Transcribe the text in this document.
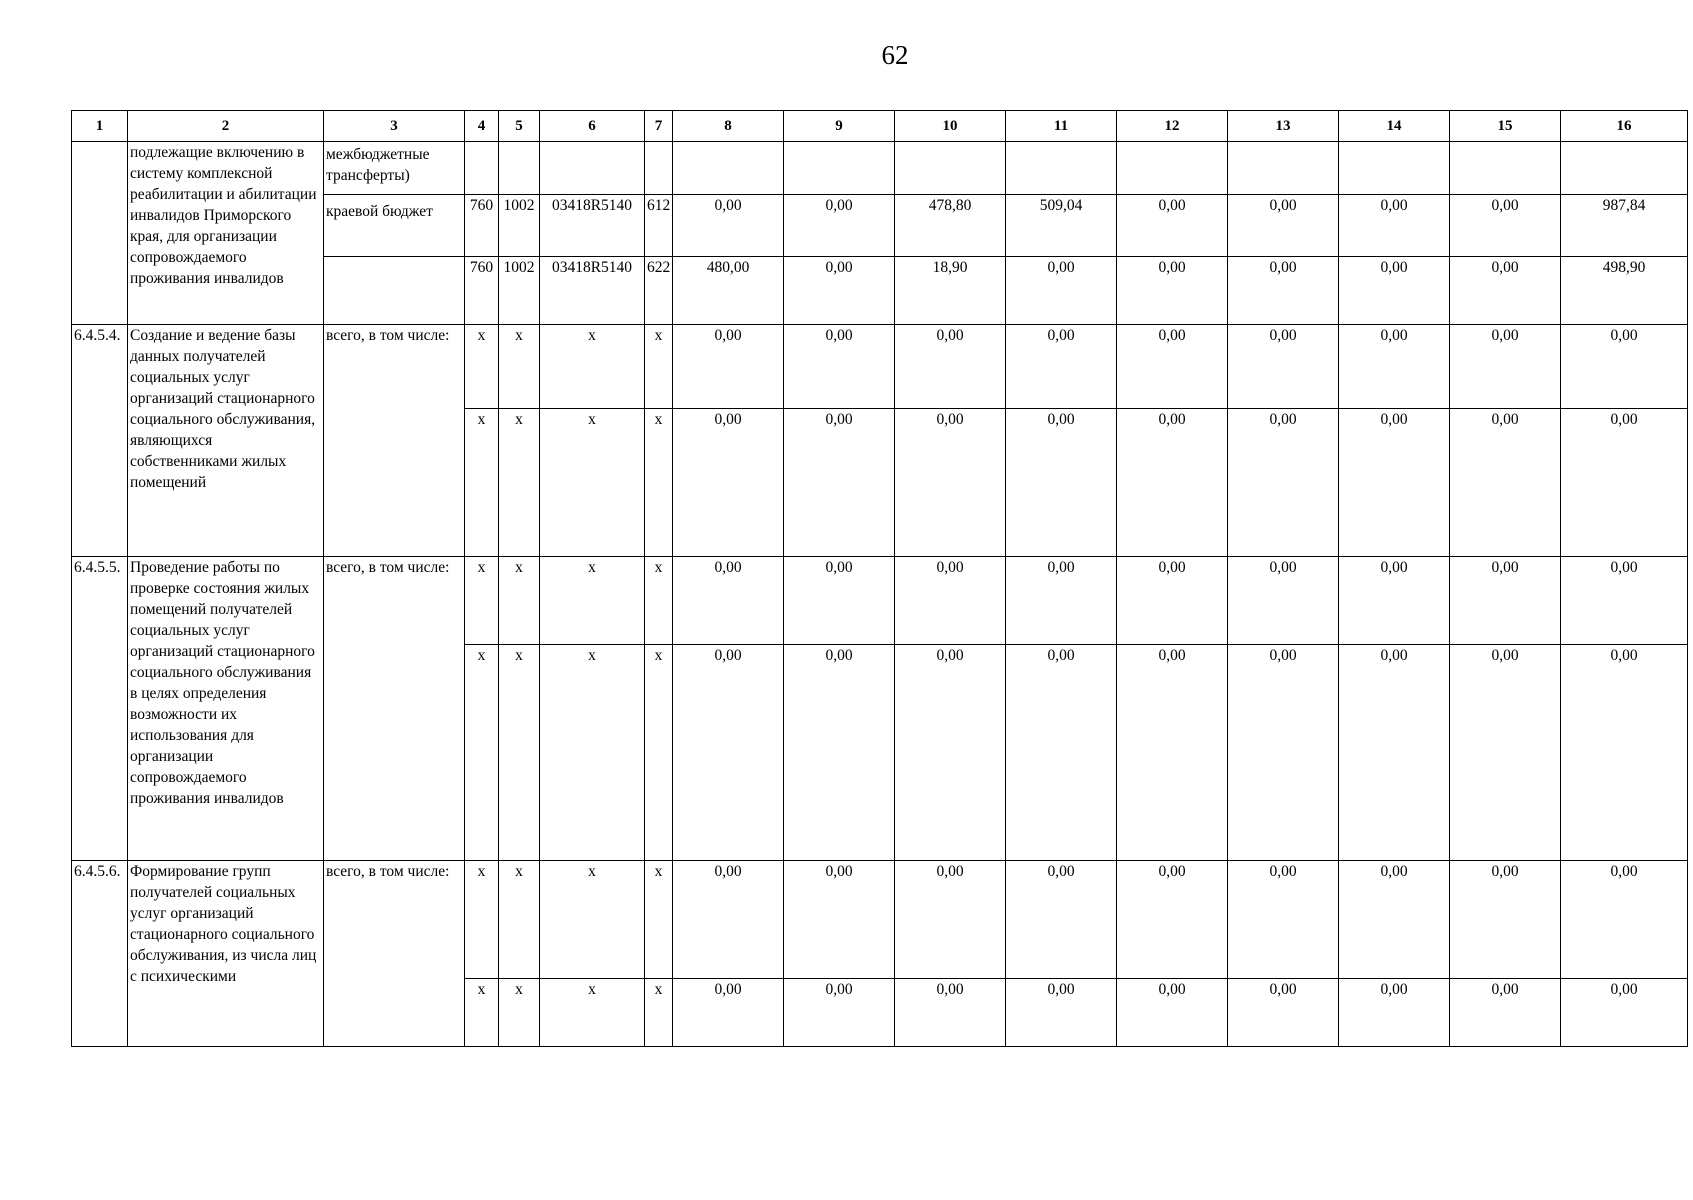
62
1	2	3	4	5	6	7	8	9	10	11	12	13	14	15	16
	подлежащие включению в систему комплексной реабилитации и абилитации инвалидов Приморского края, для организации сопровождаемого проживания инвалидов	межбюджетные трансферты)													
		краевой бюджет	760	1002	03418R5140	612	0,00	0,00	478,80	509,04	0,00	0,00	0,00	0,00	987,84
			760	1002	03418R5140	622	480,00	0,00	18,90	0,00	0,00	0,00	0,00	0,00	498,90
6.4.5.4.	Создание и ведение базы данных получателей социальных услуг организаций стационарного социального обслуживания, являющихся собственниками жилых помещений	всего, в том числе:	x	x	x	x	0,00	0,00	0,00	0,00	0,00	0,00	0,00	0,00	0,00
			x	x	x	x	0,00	0,00	0,00	0,00	0,00	0,00	0,00	0,00	0,00
6.4.5.5.	Проведение работы по проверке состояния жилых помещений получателей социальных услуг организаций стационарного социального обслуживания в целях определения возможности их использования для организации сопровождаемого проживания инвалидов	всего, в том числе:	x	x	x	x	0,00	0,00	0,00	0,00	0,00	0,00	0,00	0,00	0,00
			x	x	x	x	0,00	0,00	0,00	0,00	0,00	0,00	0,00	0,00	0,00
6.4.5.6.	Формирование групп получателей социальных услуг организаций стационарного социального обслуживания, из числа лиц с психическими	всего, в том числе:	x	x	x	x	0,00	0,00	0,00	0,00	0,00	0,00	0,00	0,00	0,00
			x	x	x	x	0,00	0,00	0,00	0,00	0,00	0,00	0,00	0,00	0,00
